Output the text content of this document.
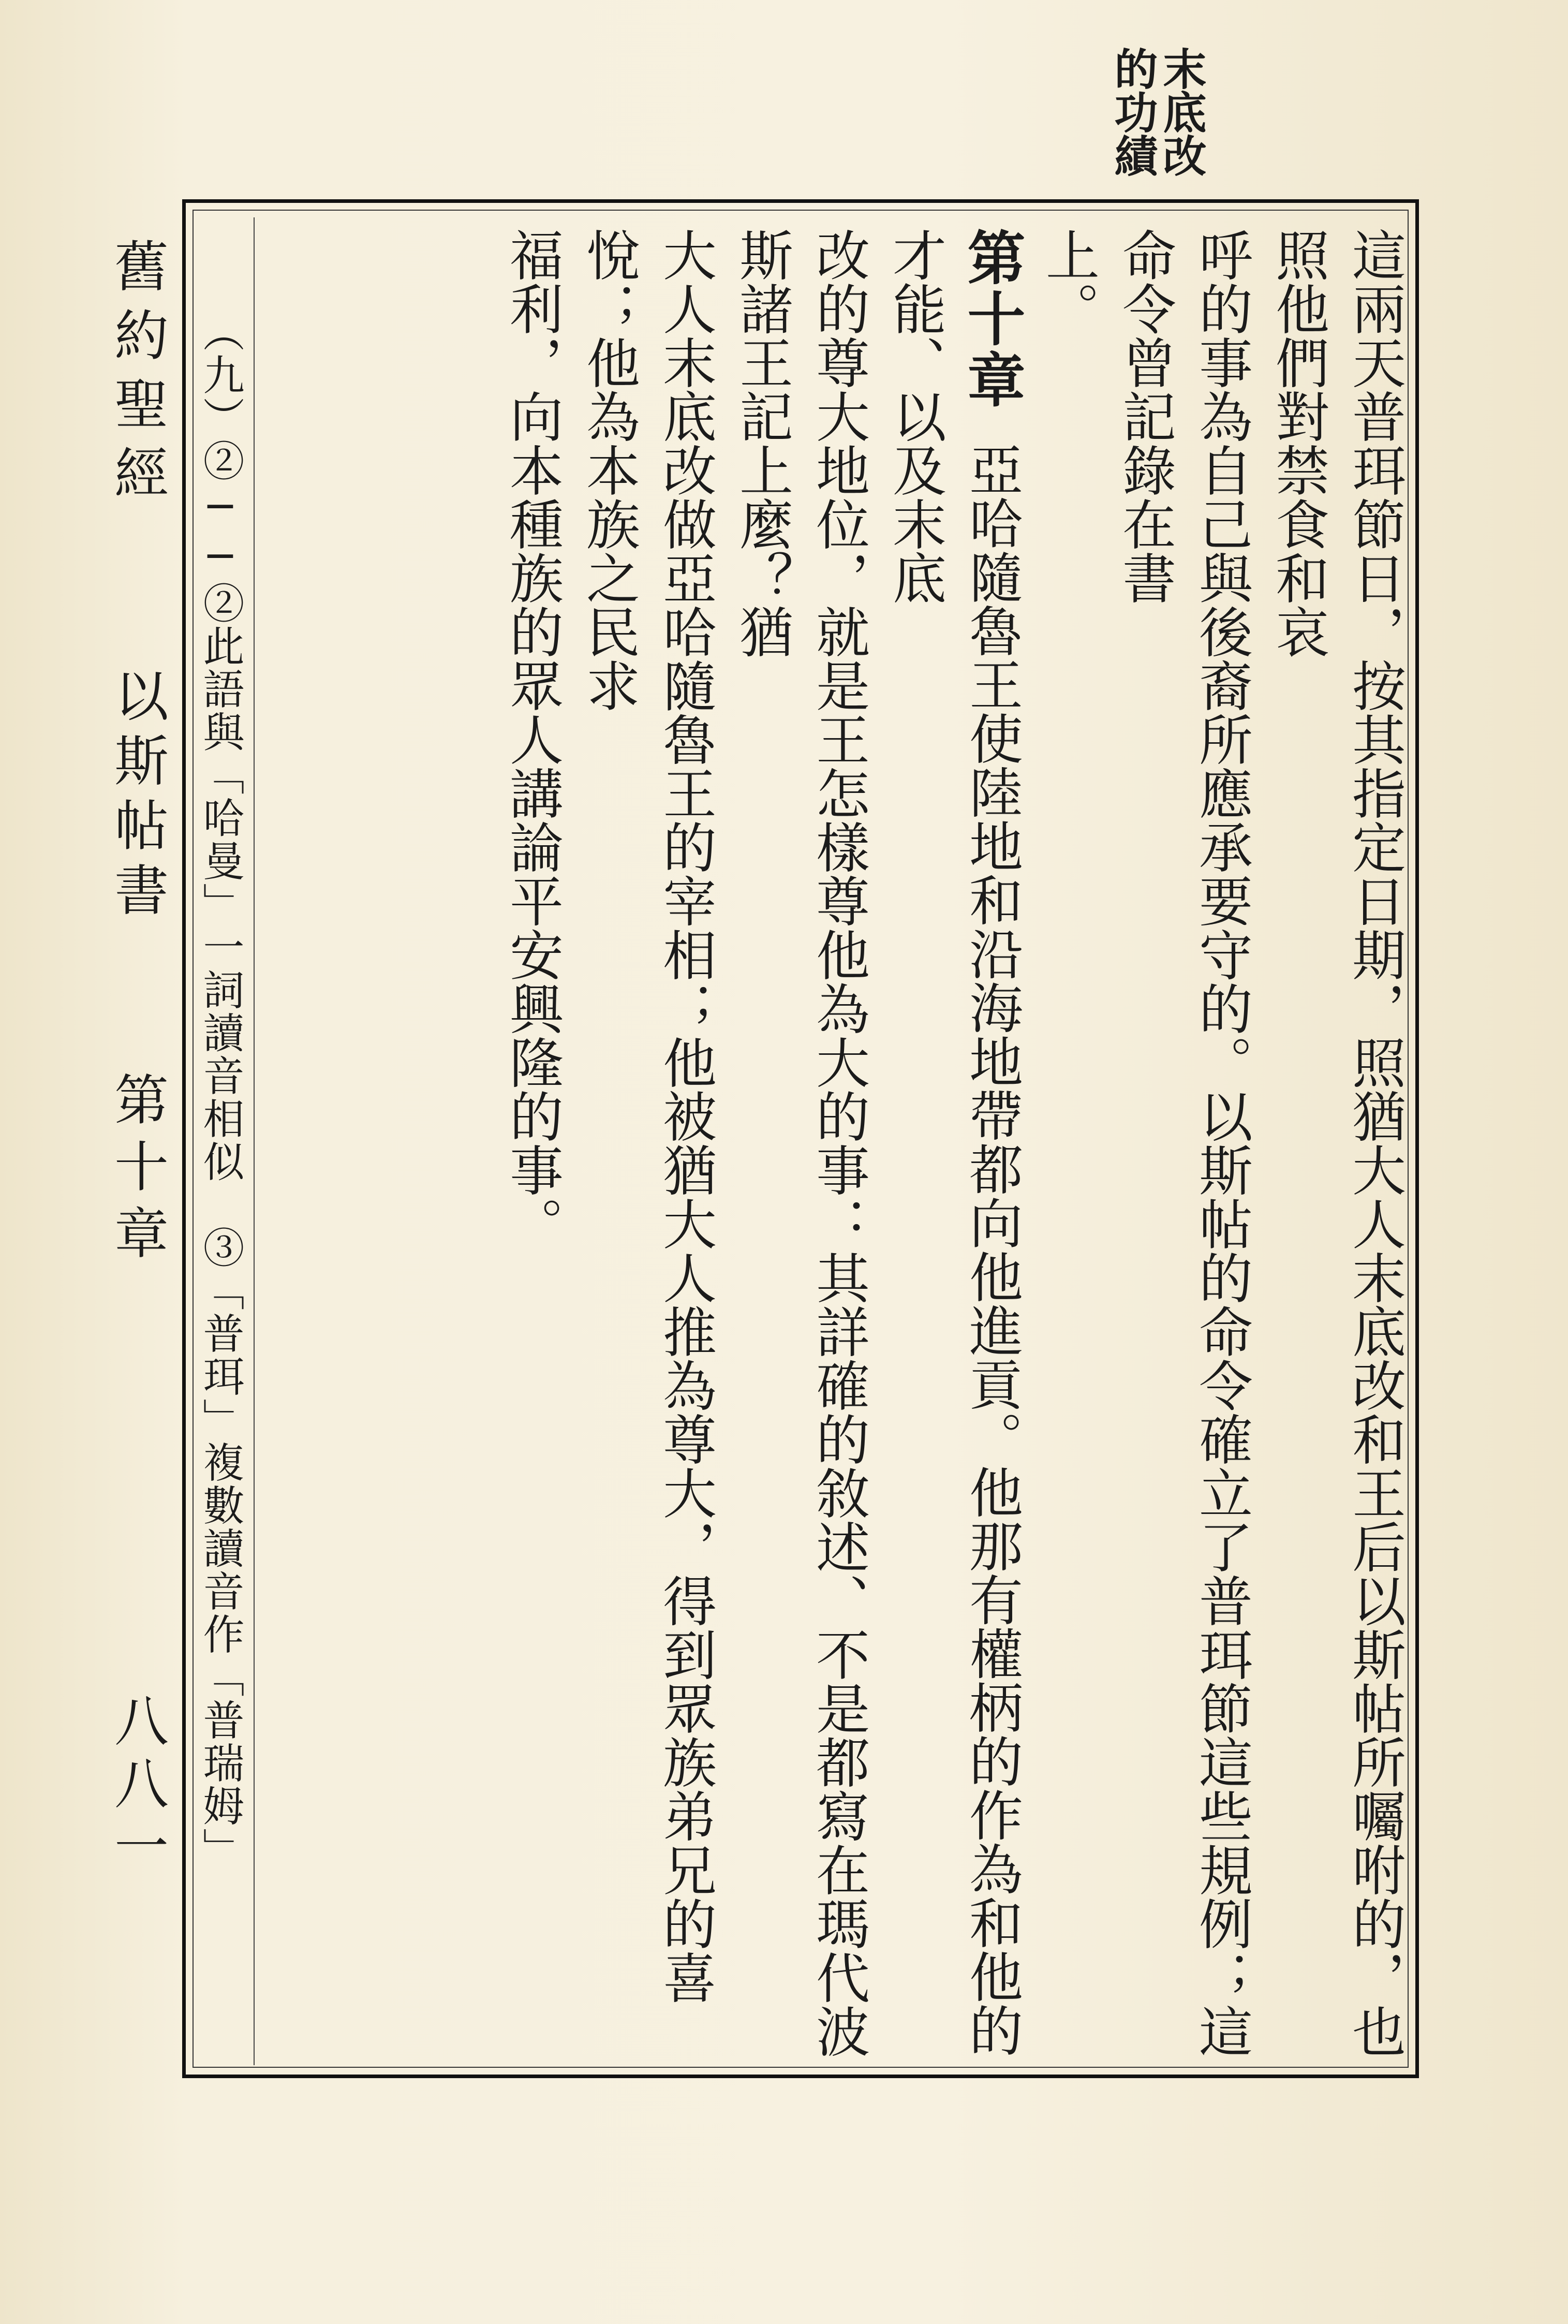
末底改的功績
舊約聖經
以斯帖書
第十章
八八一 （九）②──②此語與「哈曼」一詞讀音相似　③「普珥」複數讀音作「普瑞姆」	這兩天普珥節日，按其指定日期，照猶大人末底改和王后以斯帖所囑咐的，也照他們對禁食和哀
呼的事為自己與後裔所應承要守的。以斯帖的命令確立了普珥節這些規例；這命令曾記錄在書
上。
第十章亞哈隨魯王使陸地和沿海地帶都向他進貢。他那有權柄的作為和他的才能、以及末底
改的尊大地位，就是王怎樣尊他為大的事：其詳確的敘述、不是都寫在瑪代波斯諸王記上麼？猶
大人末底改做亞哈隨魯王的宰相；他被猶大人推為尊大，得到眾族弟兄的喜悅；他為本族之民求
福利，向本種族的眾人講論平安興隆的事。
